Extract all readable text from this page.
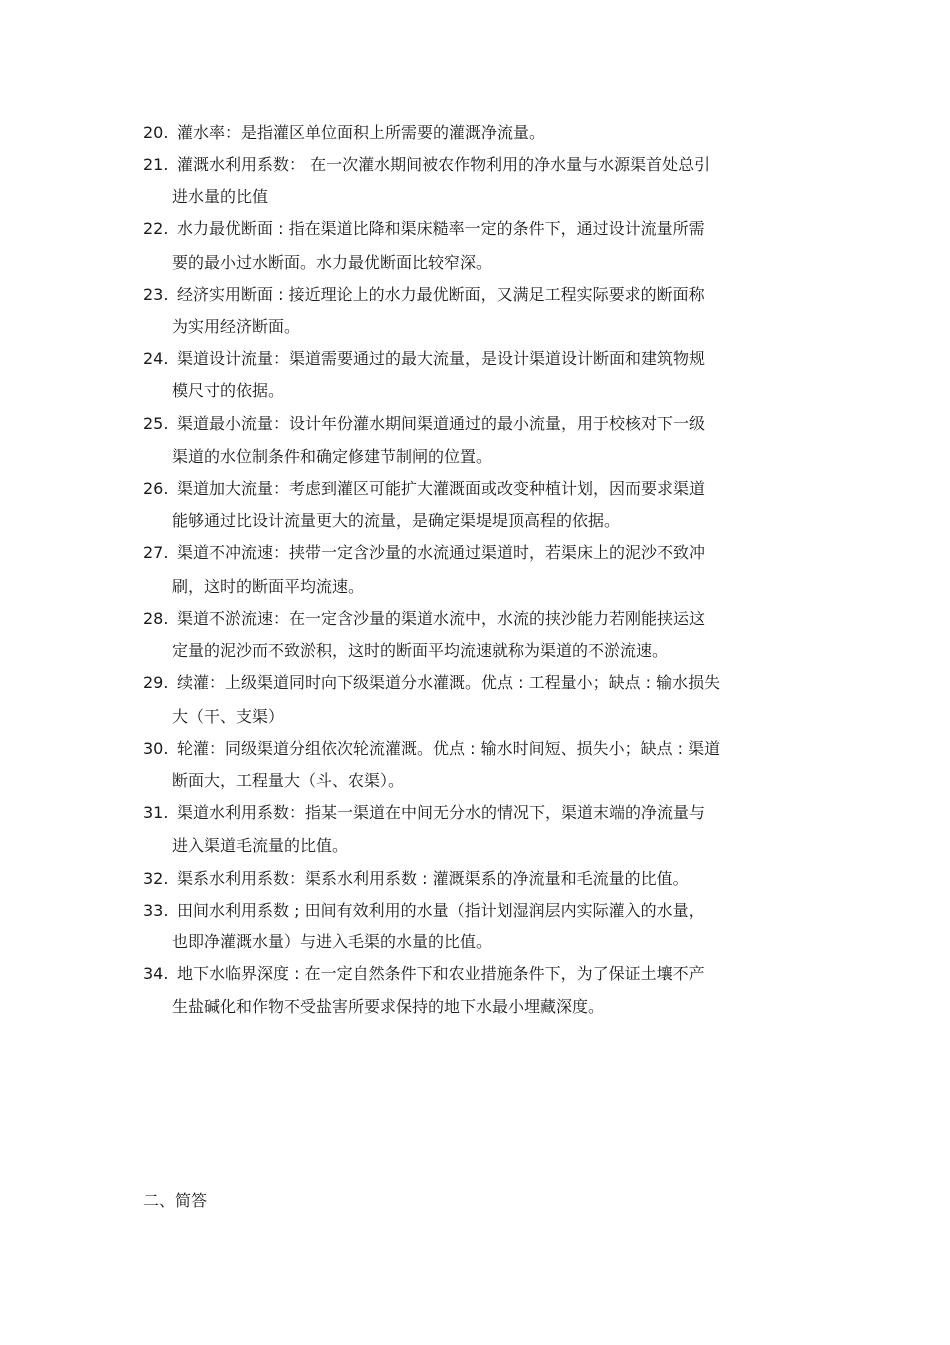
20. 灌水率：是指灌区单位面积上所需要的灌溉净流量。
21. 灌溉水利用系数： 在一次灌水期间被农作物利用的净水量与水源渠首处总引
进水量的比值
22. 水力最优断面 : 指在渠道比降和渠床糙率一定的条件下，通过设计流量所需
要的最小过水断面。水力最优断面比较窄深。
23. 经济实用断面 : 接近理论上的水力最优断面，又满足工程实际要求的断面称
为实用经济断面。
24. 渠道设计流量：渠道需要通过的最大流量，是设计渠道设计断面和建筑物规
模尺寸的依据。
25. 渠道最小流量：设计年份灌水期间渠道通过的最小流量，用于校核对下一级
渠道的水位制条件和确定修建节制闸的位置。
26. 渠道加大流量：考虑到灌区可能扩大灌溉面或改变种植计划，因而要求渠道
能够通过比设计流量更大的流量，是确定渠堤堤顶高程的依据。
27. 渠道不冲流速：挟带一定含沙量的水流通过渠道时，若渠床上的泥沙不致冲
刷，这时的断面平均流速。
28. 渠道不淤流速：在一定含沙量的渠道水流中，水流的挟沙能力若刚能挟运这
定量的泥沙而不致淤积，这时的断面平均流速就称为渠道的不淤流速。
29. 续灌：上级渠道同时向下级渠道分水灌溉。优点 : 工程量小；缺点 : 输水损失
大（干、支渠）
30. 轮灌：同级渠道分组依次轮流灌溉。优点 : 输水时间短、损失小；缺点 : 渠道
断面大，工程量大（斗、农渠）。
31. 渠道水利用系数：指某一渠道在中间无分水的情况下，渠道末端的净流量与
进入渠道毛流量的比值。
32. 渠系水利用系数：渠系水利用系数 : 灌溉渠系的净流量和毛流量的比值。
33. 田间水利用系数 ; 田间有效利用的水量（指计划湿润层内实际灌入的水量，
也即净灌溉水量）与进入毛渠的水量的比值。
34. 地下水临界深度 : 在一定自然条件下和农业措施条件下，为了保证土壤不产
生盐碱化和作物不受盐害所要求保持的地下水最小埋藏深度。
二、简答
